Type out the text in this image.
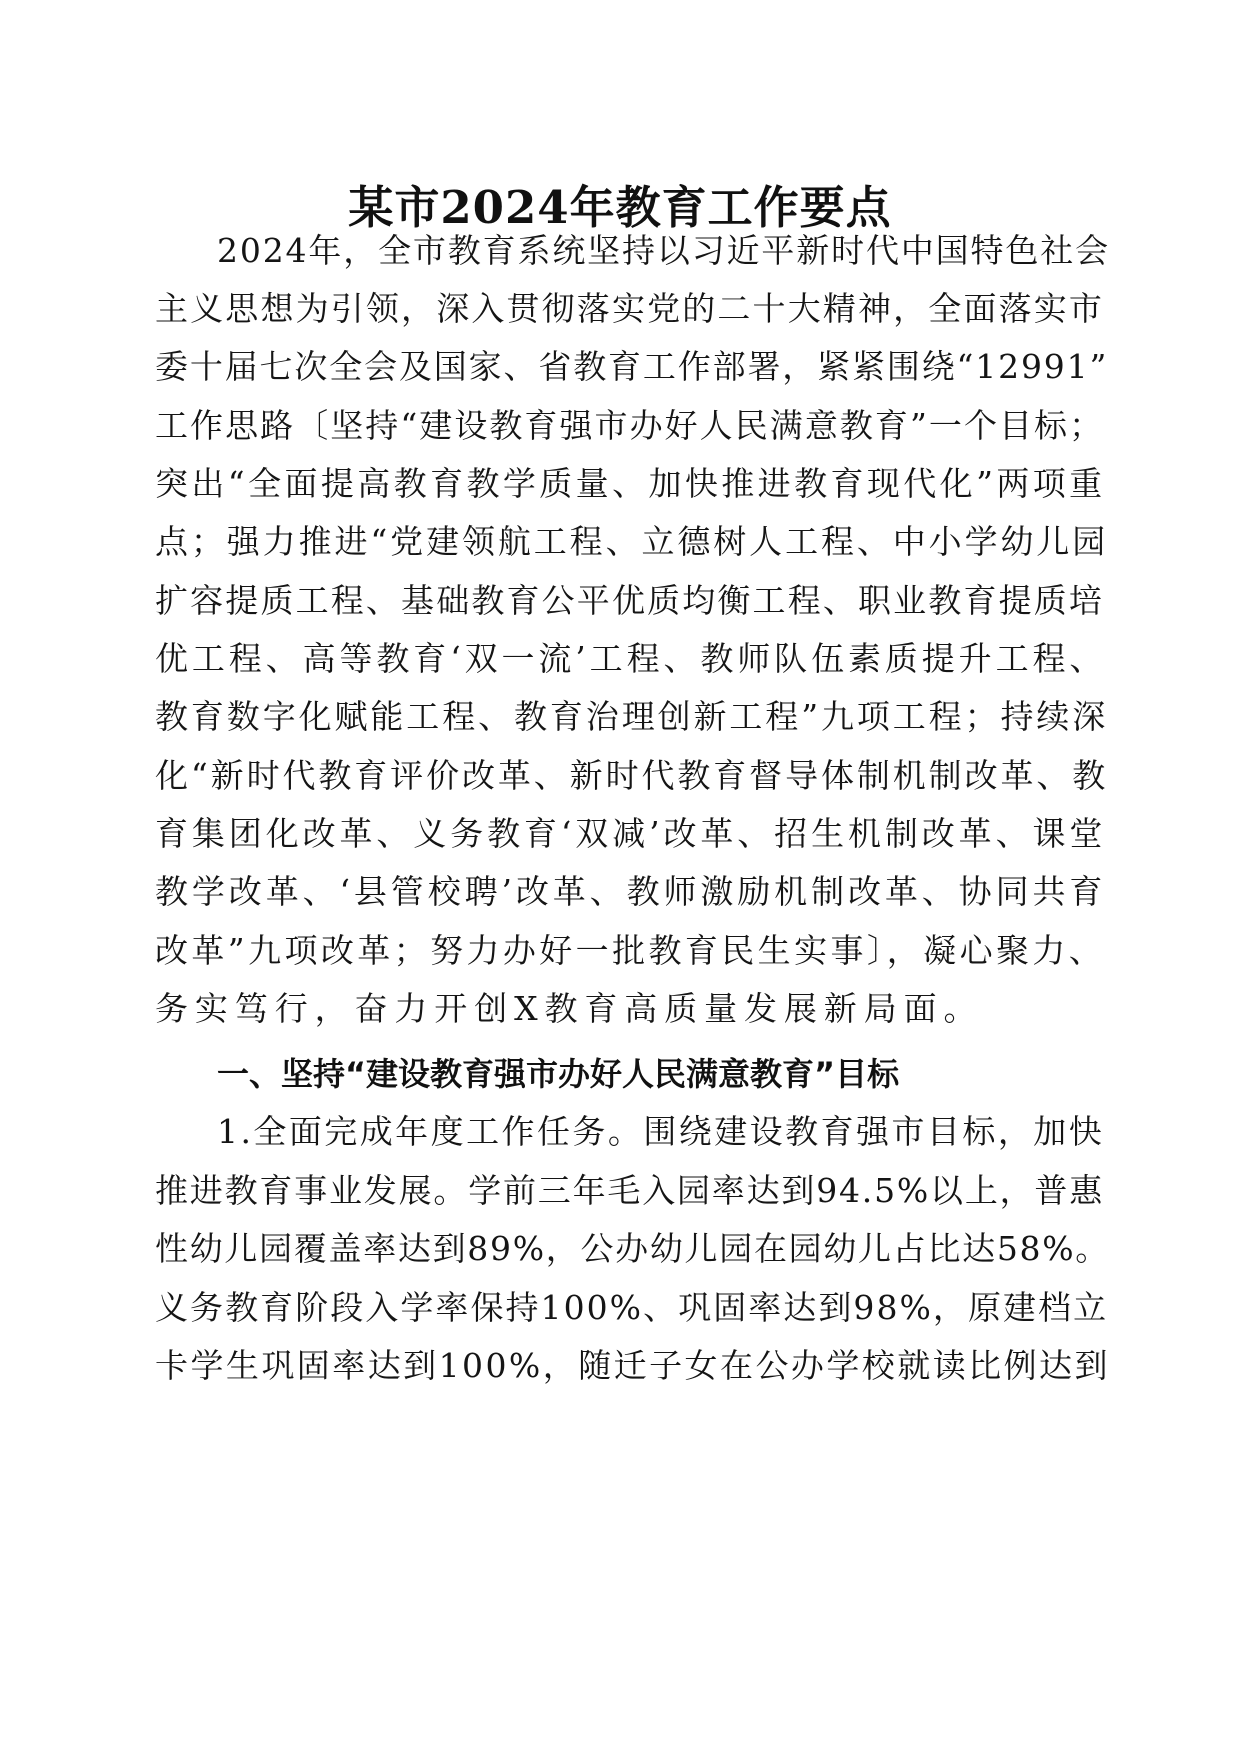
某市2024年教育工作要点
2024年，全市教育系统坚持以习近平新时代中国特色社会
主义思想为引领，深入贯彻落实党的二十大精神，全面落实市
委十届七次全会及国家、省教育工作部署，紧紧围绕“12991”
工作思路〔坚持“建设教育强市办好人民满意教育”一个目标；
突出“全面提高教育教学质量、加快推进教育现代化”两项重
点；强力推进“党建领航工程、立德树人工程、中小学幼儿园
扩容提质工程、基础教育公平优质均衡工程、职业教育提质培
优工程、高等教育‘双一流’工程、教师队伍素质提升工程、
教育数字化赋能工程、教育治理创新工程”九项工程；持续深
化“新时代教育评价改革、新时代教育督导体制机制改革、教
育集团化改革、义务教育‘双减’改革、招生机制改革、课堂
教学改革、‘县管校聘’改革、教师激励机制改革、协同共育
改革”九项改革；努力办好一批教育民生实事〕，凝心聚力、
务实笃行，奋力开创X教育高质量发展新局面。
一、坚持“建设教育强市办好人民满意教育”目标
1.全面完成年度工作任务。围绕建设教育强市目标，加快
推进教育事业发展。学前三年毛入园率达到94.5%以上，普惠
性幼儿园覆盖率达到89%，公办幼儿园在园幼儿占比达58%。
义务教育阶段入学率保持100%、巩固率达到98%，原建档立
卡学生巩固率达到100%，随迁子女在公办学校就读比例达到
